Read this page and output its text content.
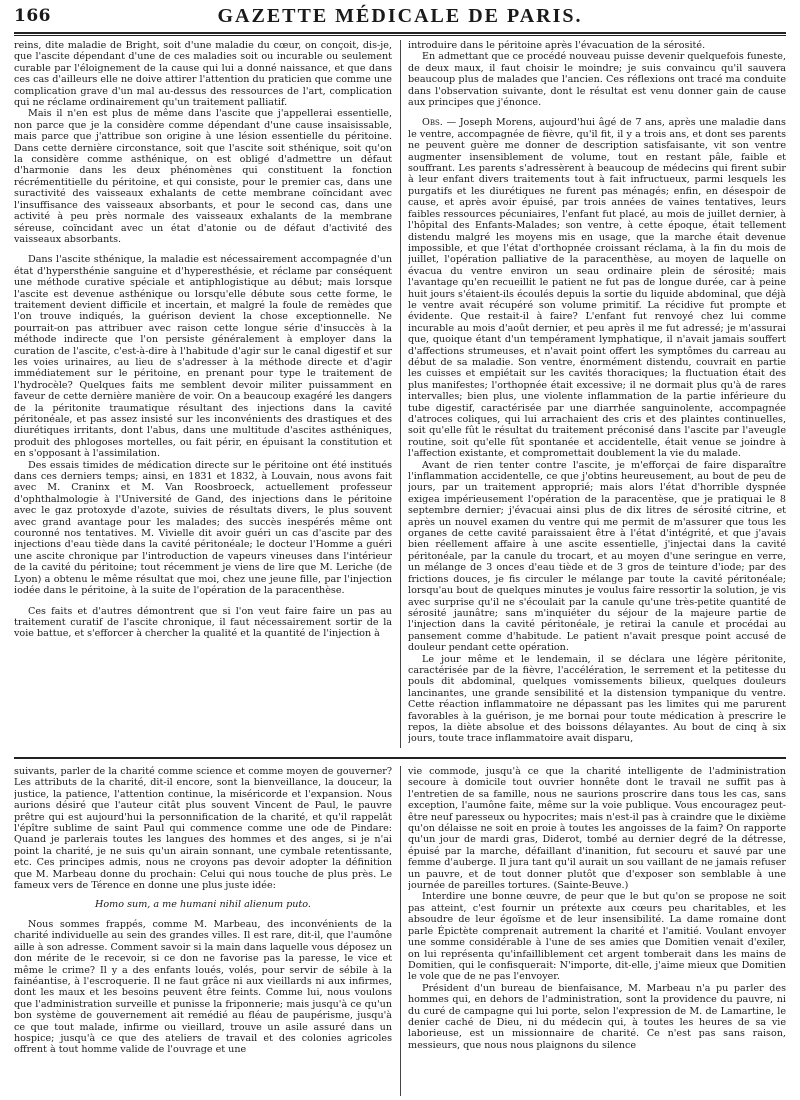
166	GAZETTE MÉDICALE DE PARIS.

reins, dite maladie de Bright, soit d'une maladie du cœur, on conçoit, dis-je, que l'ascite dépendant d'une de ces maladies soit ou incurable ou seulement curable par l'éloignement de la cause qui lui a donné naissance, et que dans ces cas d'ailleurs elle ne doive attirer l'attention du praticien que comme une complication grave d'un mal au-dessus des ressources de l'art, complication qui ne réclame ordinairement qu'un traitement palliatif.

Mais il n'en est plus de même dans l'ascite que j'appellerai essentielle, non parce que je la considère comme dépendant d'une cause insaisissable, mais parce que j'attribue son origine à une lésion essentielle du péritoine. Dans cette dernière circonstance, soit que l'ascite soit sthénique, soit qu'on la considère comme asthénique, on est obligé d'admettre un défaut d'harmonie dans les deux phénomènes qui constituent la fonction récrémentitielle du péritoine, et qui consiste, pour le premier cas, dans une suractivité des vaisseaux exhalants de cette membrane coïncidant avec l'insuffisance des vaisseaux absorbants, et pour le second cas, dans une activité à peu près normale des vaisseaux exhalants de la membrane séreuse, coïncidant avec un état d'atonie ou de défaut d'activité des vaisseaux absorbants.

Dans l'ascite sthénique, la maladie est nécessairement accompagnée d'un état d'hypersthénie sanguine et d'hyperesthésie, et réclame par conséquent une méthode curative spéciale et antiphlogistique au début; mais lorsque l'ascite est devenue asthénique ou lorsqu'elle débute sous cette forme, le traitement devient difficile et incertain, et malgré la foule de remèdes que l'on trouve indiqués, la guérison devient la chose exceptionnelle. Ne pourrait-on pas attribuer avec raison cette longue série d'insuccès à la méthode indirecte que l'on persiste généralement à employer dans la curation de l'ascite, c'est-à-dire à l'habitude d'agir sur le canal digestif et sur les voies urinaires, au lieu de s'adresser à la méthode directe et d'agir immédiatement sur le péritoine, en prenant pour type le traitement de l'hydrocèle? Quelques faits me semblent devoir militer puissamment en faveur de cette dernière manière de voir. On a beaucoup exagéré les dangers de la péritonite traumatique résultant des injections dans la cavité péritonéale, et pas assez insisté sur les inconvénients des drastiques et des diurétiques irritants, dont l'abus, dans une multitude d'ascites asthéniques, produit des phlogoses mortelles, ou fait périr, en épuisant la constitution et en s'opposant à l'assimilation.

Des essais timides de médication directe sur le péritoine ont été institués dans ces derniers temps; ainsi, en 1831 et 1832, à Louvain, nous avons fait avec M. Craninx et M. Van Roosbroeck, actuellement professeur d'ophthalmologie à l'Université de Gand, des injections dans le péritoine avec le gaz protoxyde d'azote, suivies de résultats divers, le plus souvent avec grand avantage pour les malades; des succès inespérés même ont couronné nos tentatives. M. Vivielle dit avoir guéri un cas d'ascite par des injections d'eau tiède dans la cavité péritonéale; le docteur l'Homme a guéri une ascite chronique par l'introduction de vapeurs vineuses dans l'intérieur de la cavité du péritoine; tout récemment je viens de lire que M. Leriche (de Lyon) a obtenu le même résultat que moi, chez une jeune fille, par l'injection iodée dans le péritoine, à la suite de l'opération de la paracenthèse.

Ces faits et d'autres démontrent que si l'on veut faire faire un pas au traitement curatif de l'ascite chronique, il faut nécessairement sortir de la voie battue, et s'efforcer à chercher la qualité et la quantité de l'injection à

introduire dans le péritoine après l'évacuation de la sérosité.

En admettant que ce procédé nouveau puisse devenir quelquefois funeste, de deux maux, il faut choisir le moindre; je suis convaincu qu'il sauvera beaucoup plus de malades que l'ancien. Ces réflexions ont tracé ma conduite dans l'observation suivante, dont le résultat est venu donner gain de cause aux principes que j'énonce.

Obs. — Joseph Morens, aujourd'hui âgé de 7 ans, après une maladie dans le ventre, accompagnée de fièvre, qu'il fit, il y a trois ans, et dont ses parents ne peuvent guère me donner de description satisfaisante, vit son ventre augmenter insensiblement de volume, tout en restant pâle, faible et souffrant. Les parents s'adressèrent à beaucoup de médecins qui firent subir à leur enfant divers traitements tout à fait infructueux, parmi lesquels les purgatifs et les diurétiques ne furent pas ménagés; enfin, en désespoir de cause, et après avoir épuisé, par trois années de vaines tentatives, leurs faibles ressources pécuniaires, l'enfant fut placé, au mois de juillet dernier, à l'hôpital des Enfants-Malades; son ventre, à cette époque, était tellement distendu malgré les moyens mis en usage, que la marche était devenue impossible, et que l'état d'orthopnée croissant réclama, à la fin du mois de juillet, l'opération palliative de la paracenthèse, au moyen de laquelle on évacua du ventre environ un seau ordinaire plein de sérosité; mais l'avantage qu'en recueillit le patient ne fut pas de longue durée, car à peine huit jours s'étaient-ils écoulés depuis la sortie du liquide abdominal, que déjà le ventre avait récupéré son volume primitif. La récidive fut prompte et évidente. Que restait-il à faire? L'enfant fut renvoyé chez lui comme incurable au mois d'août dernier, et peu après il me fut adressé; je m'assurai que, quoique étant d'un tempérament lymphatique, il n'avait jamais souffert d'affections strumeuses, et n'avait point offert les symptômes du carreau au début de sa maladie. Son ventre, énormément distendu, couvrait en partie les cuisses et empiétait sur les cavités thoraciques; la fluctuation était des plus manifestes; l'orthopnée était excessive; il ne dormait plus qu'à de rares intervalles; bien plus, une violente inflammation de la partie inférieure du tube digestif, caractérisée par une diarrhée sanguinolente, accompagnée d'atroces coliques, qui lui arrachaient des cris et des plaintes continuelles, soit qu'elle fût le résultat du traitement préconisé dans l'ascite par l'aveugle routine, soit qu'elle fût spontanée et accidentelle, était venue se joindre à l'affection existante, et compromettait doublement la vie du malade.

Avant de rien tenter contre l'ascite, je m'efforçai de faire disparaître l'inflammation accidentelle, ce que j'obtins heureusement, au bout de peu de jours, par un traitement approprié; mais alors l'état d'horrible dyspnée exigea impérieusement l'opération de la paracentèse, que je pratiquai le 8 septembre dernier; j'évacuai ainsi plus de dix litres de sérosité citrine, et après un nouvel examen du ventre qui me permit de m'assurer que tous les organes de cette cavité paraissaient être à l'état d'intégrité, et que j'avais bien réellement affaire à une ascite essentielle, j'injectai dans la cavité péritonéale, par la canule du trocart, et au moyen d'une seringue en verre, un mélange de 3 onces d'eau tiède et de 3 gros de teinture d'iode; par des frictions douces, je fis circuler le mélange par toute la cavité péritonéale; lorsqu'au bout de quelques minutes je voulus faire ressortir la solution, je vis avec surprise qu'il ne s'écoulait par la canule qu'une très-petite quantité de sérosité jaunâtre; sans m'inquiéter du séjour de la majeure partie de l'injection dans la cavité péritonéale, je retirai la canule et procédai au pansement comme d'habitude. Le patient n'avait presque point accusé de douleur pendant cette opération.

Le jour même et le lendemain, il se déclara une légère péritonite, caractérisée par de la fièvre, l'accélération, le serrement et la petitesse du pouls dit abdominal, quelques vomissements bilieux, quelques douleurs lancinantes, une grande sensibilité et la distension tympanique du ventre. Cette réaction inflammatoire ne dépassant pas les limites qui me parurent favorables à la guérison, je me bornai pour toute médication à prescrire le repos, la diète absolue et des boissons délayantes. Au bout de cinq à six jours, toute trace inflammatoire avait disparu,

suivants, parler de la charité comme science et comme moyen de gouverner? Les attributs de la charité, dit-il encore, sont la bienveillance, la douceur, la justice, la patience, l'attention continue, la miséricorde et l'expansion. Nous aurions désiré que l'auteur citât plus souvent Vincent de Paul, le pauvre prêtre qui est aujourd'hui la personnification de la charité, et qu'il rappelât l'épître sublime de saint Paul qui commence comme une ode de Pindare: Quand je parlerais toutes les langues des hommes et des anges, si je n'ai point la charité, je ne suis qu'un airain sonnant, une cymbale retentissante, etc. Ces principes admis, nous ne croyons pas devoir adopter la définition que M. Marbeau donne du prochain: Celui qui nous touche de plus près. Le fameux vers de Térence en donne une plus juste idée:

Homo sum, a me humani nihil alienum puto.

Nous sommes frappés, comme M. Marbeau, des inconvénients de la charité individuelle au sein des grandes villes. Il est rare, dit-il, que l'aumône aille à son adresse. Comment savoir si la main dans laquelle vous déposez un don mérite de le recevoir, si ce don ne favorise pas la paresse, le vice et même le crime? Il y a des enfants loués, volés, pour servir de sébile à la fainéantise, à l'escroquerie. Il ne faut grâce ni aux vieillards ni aux infirmes, dont les maux et les besoins peuvent être feints. Comme lui, nous voulons que l'administration surveille et punisse la friponnerie; mais jusqu'à ce qu'un bon système de gouvernement ait remédié au fléau de paupérisme, jusqu'à ce que tout malade, infirme ou vieillard, trouve un asile assuré dans un hospice; jusqu'à ce que des ateliers de travail et des colonies agricoles offrent à tout homme valide de l'ouvrage et une

vie commode, jusqu'à ce que la charité intelligente de l'administration secoure à domicile tout ouvrier honnête dont le travail ne suffit pas à l'entretien de sa famille, nous ne saurions proscrire dans tous les cas, sans exception, l'aumône faite, même sur la voie publique. Vous encouragez peut-être neuf paresseux ou hypocrites; mais n'est-il pas à craindre que le dixième qu'on délaisse ne soit en proie à toutes les angoisses de la faim? On rapporte qu'un jour de mardi gras, Diderot, tombé au dernier degré de la détresse, épuisé par la marche, défaillant d'inanition, fut secouru et sauvé par une femme d'auberge. Il jura tant qu'il aurait un sou vaillant de ne jamais refuser un pauvre, et de tout donner plutôt que d'exposer son semblable à une journée de pareilles tortures. (Sainte-Beuve.)

Interdire une bonne œuvre, de peur que le but qu'on se propose ne soit pas atteint, c'est fournir un prétexte aux cœurs peu charitables, et les absoudre de leur égoïsme et de leur insensibilité. La dame romaine dont parle Épictète comprenait autrement la charité et l'amitié. Voulant envoyer une somme considérable à l'une de ses amies que Domitien venait d'exiler, on lui représenta qu'infailliblement cet argent tomberait dans les mains de Domitien, qui le confisquerait: N'importe, dit-elle, j'aime mieux que Domitien le vole que de ne pas l'envoyer.

Président d'un bureau de bienfaisance, M. Marbeau n'a pu parler des hommes qui, en dehors de l'administration, sont la providence du pauvre, ni du curé de campagne qui lui porte, selon l'expression de M. de Lamartine, le denier caché de Dieu, ni du médecin qui, à toutes les heures de sa vie laborieuse, est un missionnaire de charité. Ce n'est pas sans raison, messieurs, que nous nous plaignons du silence
